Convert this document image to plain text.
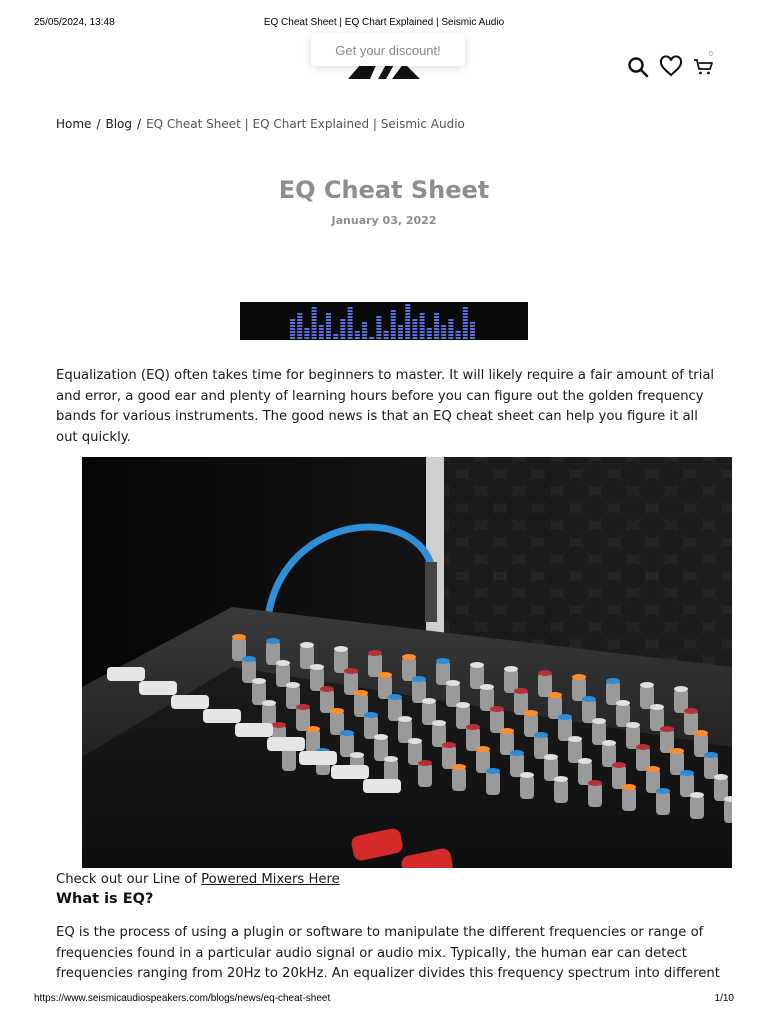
25/05/2024, 13:48	EQ Cheat Sheet | EQ Chart Explained | Seismic Audio
Get your discount!	0
Home / Blog / EQ Cheat Sheet | EQ Chart Explained | Seismic Audio
EQ Cheat Sheet
January 03, 2022
Equalization (EQ) often takes time for beginners to master. It will likely require a fair amount of trial and error, a good ear and plenty of learning hours before you can figure out the golden frequency bands for various instruments. The good news is that an EQ cheat sheet can help you figure it all out quickly.
Check out our Line of Powered Mixers Here
What is EQ?
EQ is the process of using a plugin or software to manipulate the different frequencies or range of frequencies found in a particular audio signal or audio mix. Typically, the human ear can detect frequencies ranging from 20Hz to 20kHz. An equalizer divides this frequency spectrum into different
https://www.seismicaudiospeakers.com/blogs/news/eq-cheat-sheet	1/10
